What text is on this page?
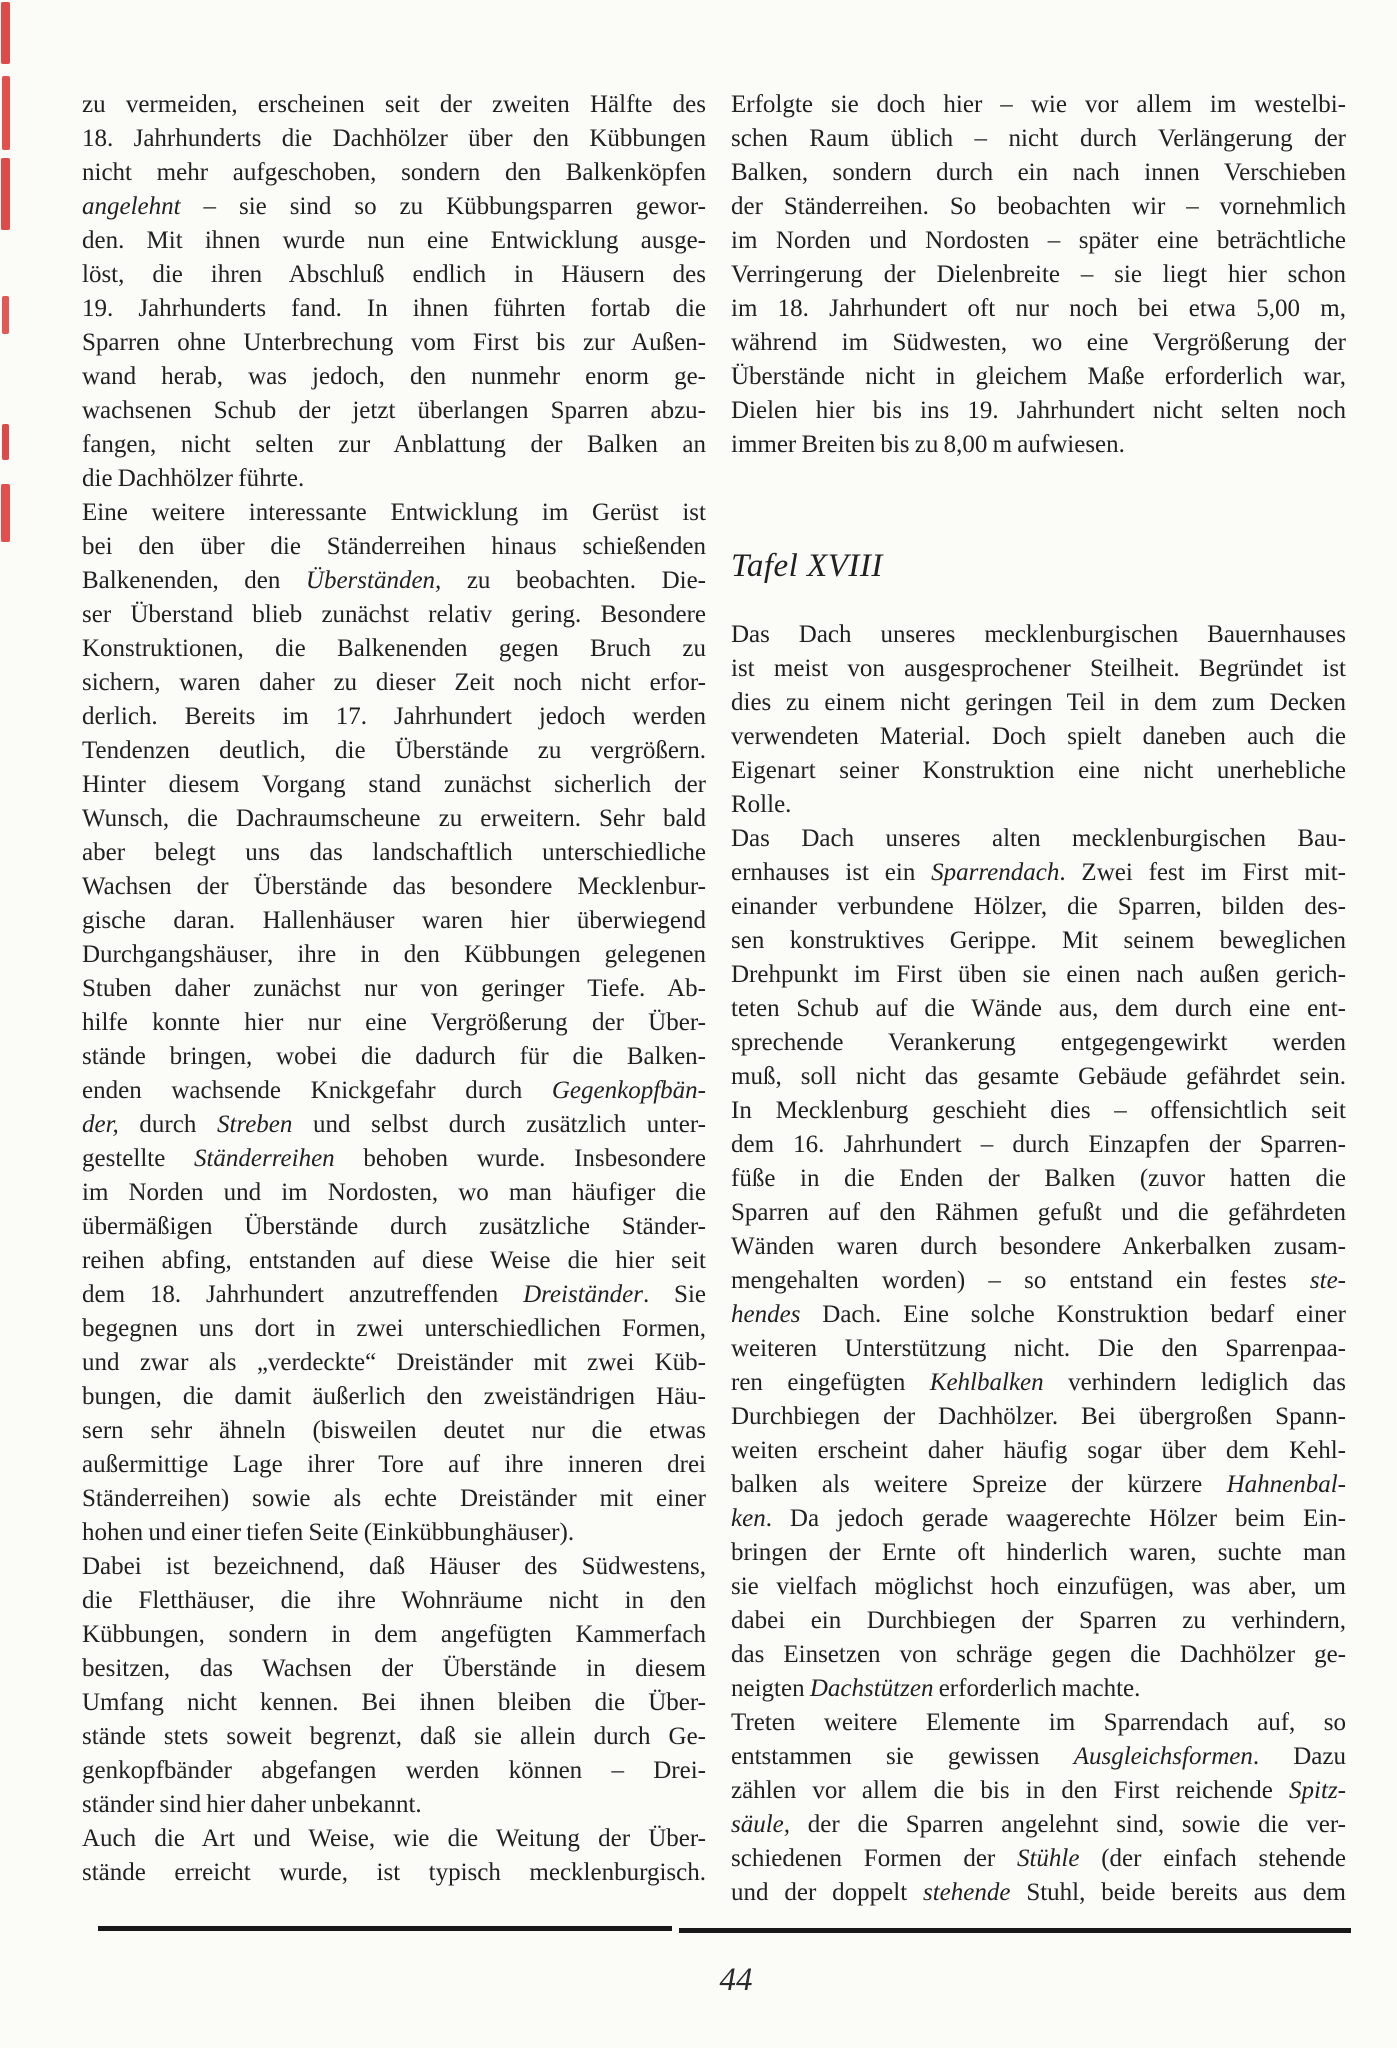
zu vermeiden, erscheinen seit der zweiten Hälfte des
18. Jahrhunderts die Dachhölzer über den Kübbungen
nicht mehr aufgeschoben, sondern den Balkenköpfen
angelehnt – sie sind so zu Kübbungsparren gewor-
den. Mit ihnen wurde nun eine Entwicklung ausge-
löst, die ihren Abschluß endlich in Häusern des
19. Jahrhunderts fand. In ihnen führten fortab die
Sparren ohne Unterbrechung vom First bis zur Außen-
wand herab, was jedoch, den nunmehr enorm ge-
wachsenen Schub der jetzt überlangen Sparren abzu-
fangen, nicht selten zur Anblattung der Balken an
die Dachhölzer führte.
Eine weitere interessante Entwicklung im Gerüst ist
bei den über die Ständerreihen hinaus schießenden
Balkenenden, den Überständen, zu beobachten. Die-
ser Überstand blieb zunächst relativ gering. Besondere
Konstruktionen, die Balkenenden gegen Bruch zu
sichern, waren daher zu dieser Zeit noch nicht erfor-
derlich. Bereits im 17. Jahrhundert jedoch werden
Tendenzen deutlich, die Überstände zu vergrößern.
Hinter diesem Vorgang stand zunächst sicherlich der
Wunsch, die Dachraumscheune zu erweitern. Sehr bald
aber belegt uns das landschaftlich unterschiedliche
Wachsen der Überstände das besondere Mecklenbur-
gische daran. Hallenhäuser waren hier überwiegend
Durchgangshäuser, ihre in den Kübbungen gelegenen
Stuben daher zunächst nur von geringer Tiefe. Ab-
hilfe konnte hier nur eine Vergrößerung der Über-
stände bringen, wobei die dadurch für die Balken-
enden wachsende Knickgefahr durch Gegenkopfbän-
der, durch Streben und selbst durch zusätzlich unter-
gestellte Ständerreihen behoben wurde. Insbesondere
im Norden und im Nordosten, wo man häufiger die
übermäßigen Überstände durch zusätzliche Ständer-
reihen abfing, entstanden auf diese Weise die hier seit
dem 18. Jahrhundert anzutreffenden Dreiständer. Sie
begegnen uns dort in zwei unterschiedlichen Formen,
und zwar als „verdeckte“ Dreiständer mit zwei Küb-
bungen, die damit äußerlich den zweiständrigen Häu-
sern sehr ähneln (bisweilen deutet nur die etwas
außermittige Lage ihrer Tore auf ihre inneren drei
Ständerreihen) sowie als echte Dreiständer mit einer
hohen und einer tiefen Seite (Einkübbunghäuser).
Dabei ist bezeichnend, daß Häuser des Südwestens,
die Fletthäuser, die ihre Wohnräume nicht in den
Kübbungen, sondern in dem angefügten Kammerfach
besitzen, das Wachsen der Überstände in diesem
Umfang nicht kennen. Bei ihnen bleiben die Über-
stände stets soweit begrenzt, daß sie allein durch Ge-
genkopfbänder abgefangen werden können – Drei-
ständer sind hier daher unbekannt.
Auch die Art und Weise, wie die Weitung der Über-
stände erreicht wurde, ist typisch mecklenburgisch.
Erfolgte sie doch hier – wie vor allem im westelbi-
schen Raum üblich – nicht durch Verlängerung der
Balken, sondern durch ein nach innen Verschieben
der Ständerreihen. So beobachten wir – vornehmlich
im Norden und Nordosten – später eine beträchtliche
Verringerung der Dielenbreite – sie liegt hier schon
im 18. Jahrhundert oft nur noch bei etwa 5,00 m,
während im Südwesten, wo eine Vergrößerung der
Überstände nicht in gleichem Maße erforderlich war,
Dielen hier bis ins 19. Jahrhundert nicht selten noch
immer Breiten bis zu 8,00 m aufwiesen.
Tafel XVIII
Das Dach unseres mecklenburgischen Bauernhauses
ist meist von ausgesprochener Steilheit. Begründet ist
dies zu einem nicht geringen Teil in dem zum Decken
verwendeten Material. Doch spielt daneben auch die
Eigenart seiner Konstruktion eine nicht unerhebliche
Rolle.
Das Dach unseres alten mecklenburgischen Bau-
ernhauses ist ein Sparrendach. Zwei fest im First mit-
einander verbundene Hölzer, die Sparren, bilden des-
sen konstruktives Gerippe. Mit seinem beweglichen
Drehpunkt im First üben sie einen nach außen gerich-
teten Schub auf die Wände aus, dem durch eine ent-
sprechende Verankerung entgegengewirkt werden
muß, soll nicht das gesamte Gebäude gefährdet sein.
In Mecklenburg geschieht dies – offensichtlich seit
dem 16. Jahrhundert – durch Einzapfen der Sparren-
füße in die Enden der Balken (zuvor hatten die
Sparren auf den Rähmen gefußt und die gefährdeten
Wänden waren durch besondere Ankerbalken zusam-
mengehalten worden) – so entstand ein festes ste-
hendes Dach. Eine solche Konstruktion bedarf einer
weiteren Unterstützung nicht. Die den Sparrenpaa-
ren eingefügten Kehlbalken verhindern lediglich das
Durchbiegen der Dachhölzer. Bei übergroßen Spann-
weiten erscheint daher häufig sogar über dem Kehl-
balken als weitere Spreize der kürzere Hahnenbal-
ken. Da jedoch gerade waagerechte Hölzer beim Ein-
bringen der Ernte oft hinderlich waren, suchte man
sie vielfach möglichst hoch einzufügen, was aber, um
dabei ein Durchbiegen der Sparren zu verhindern,
das Einsetzen von schräge gegen die Dachhölzer ge-
neigten Dachstützen erforderlich machte.
Treten weitere Elemente im Sparrendach auf, so
entstammen sie gewissen Ausgleichsformen. Dazu
zählen vor allem die bis in den First reichende Spitz-
säule, der die Sparren angelehnt sind, sowie die ver-
schiedenen Formen der Stühle (der einfach stehende
und der doppelt stehende Stuhl, beide bereits aus dem
44
